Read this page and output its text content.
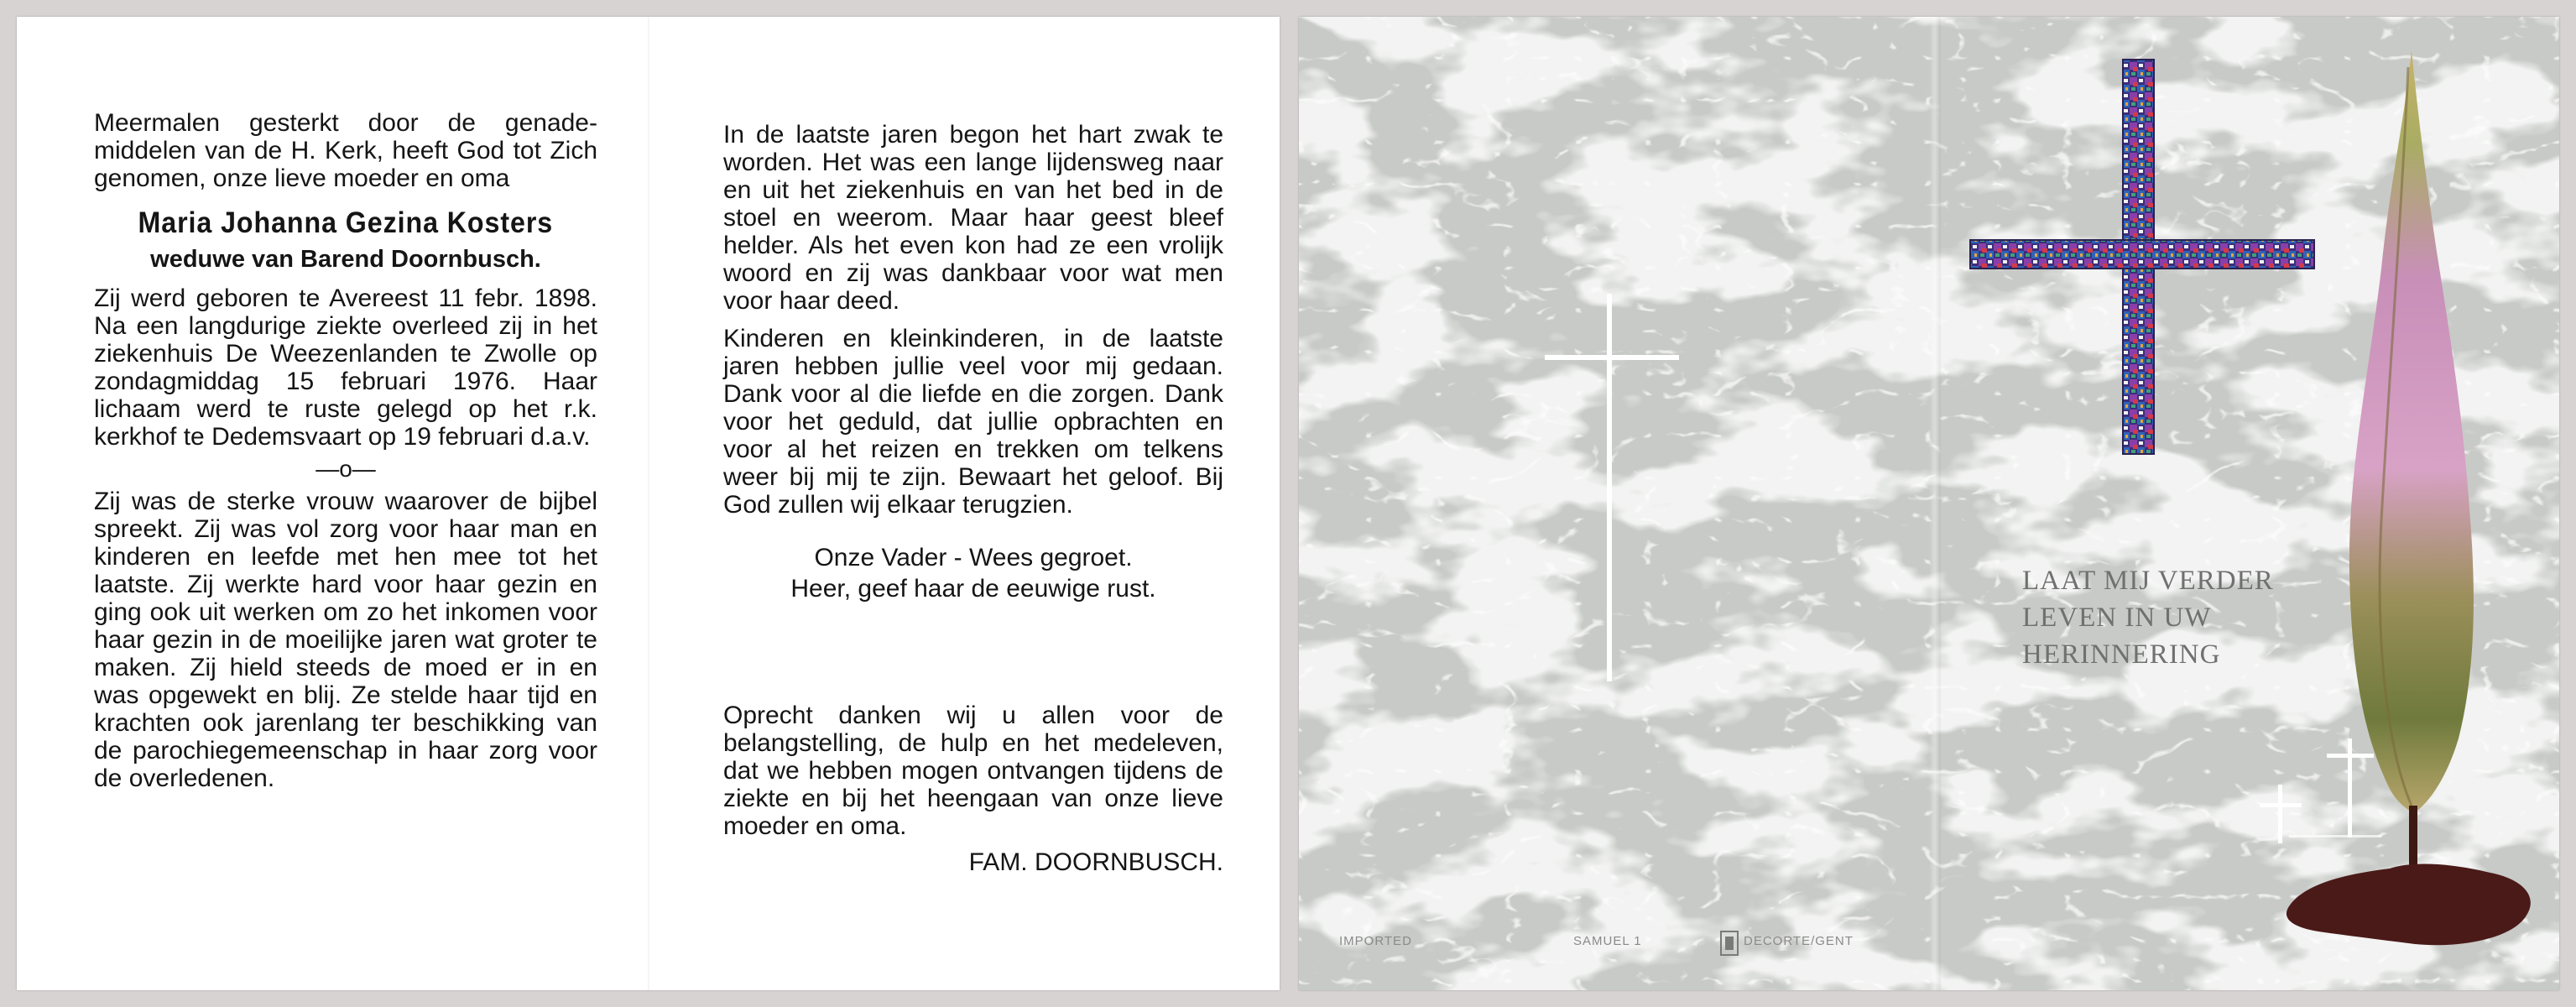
Meermalen gesterkt door de genademiddelen van de H. Kerk, heeft God tot Zich genomen, onze lieve moeder en oma

Maria Johanna Gezina Kosters
weduwe van Barend Doornbusch.

Zij werd geboren te Avereest 11 febr. 1898. Na een langdurige ziekte overleed zij in het ziekenhuis De Weezenlanden te Zwolle op zondagmiddag 15 februari 1976. Haar lichaam werd te ruste gelegd op het r.k. kerkhof te Dedemsvaart op 19 februari d.a.v.

—o—

Zij was de sterke vrouw waarover de bijbel spreekt. Zij was vol zorg voor haar man en kinderen en leefde met hen mee tot het laatste. Zij werkte hard voor haar gezin en ging ook uit werken om zo het inkomen voor haar gezin in de moeilijke jaren wat groter te maken. Zij hield steeds de moed er in en was opgewekt en blij. Ze stelde haar tijd en krachten ook jarenlang ter beschikking van de parochiegemeenschap in haar zorg voor de overledenen.

In de laatste jaren begon het hart zwak te worden. Het was een lange lijdensweg naar en uit het ziekenhuis en van het bed in de stoel en weerom. Maar haar geest bleef helder. Als het even kon had ze een vrolijk woord en zij was dankbaar voor wat men voor haar deed.

Kinderen en kleinkinderen, in de laatste jaren hebben jullie veel voor mij gedaan. Dank voor al die liefde en die zorgen. Dank voor het geduld, dat jullie opbrachten en voor al het reizen en trekken om telkens weer bij mij te zijn. Bewaart het geloof. Bij God zullen wij elkaar terugzien.

Onze Vader - Wees gegroet.
Heer, geef haar de eeuwige rust.

Oprecht danken wij u allen voor de belangstelling, de hulp en het medeleven, dat we hebben mogen ontvangen tijdens de ziekte en bij het heengaan van onze lieve moeder en oma.

FAM. DOORNBUSCH.
LAAT MIJ VERDER
LEVEN IN UW
HERINNERING
IMPORTED	SAMUEL 1	DECORTE/GENT
